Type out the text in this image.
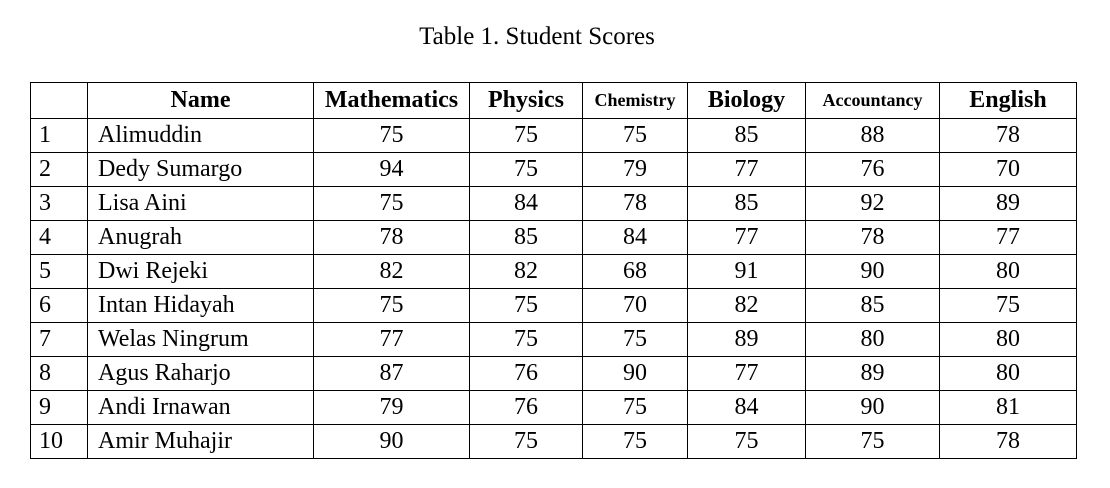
Table 1. Student Scores
	Name	Mathematics	Physics	Chemistry	Biology	Accountancy	English
1	Alimuddin	75	75	75	85	88	78
2	Dedy Sumargo	94	75	79	77	76	70
3	Lisa Aini	75	84	78	85	92	89
4	Anugrah	78	85	84	77	78	77
5	Dwi Rejeki	82	82	68	91	90	80
6	Intan Hidayah	75	75	70	82	85	75
7	Welas Ningrum	77	75	75	89	80	80
8	Agus Raharjo	87	76	90	77	89	80
9	Andi Irnawan	79	76	75	84	90	81
10	Amir Muhajir	90	75	75	75	75	78
